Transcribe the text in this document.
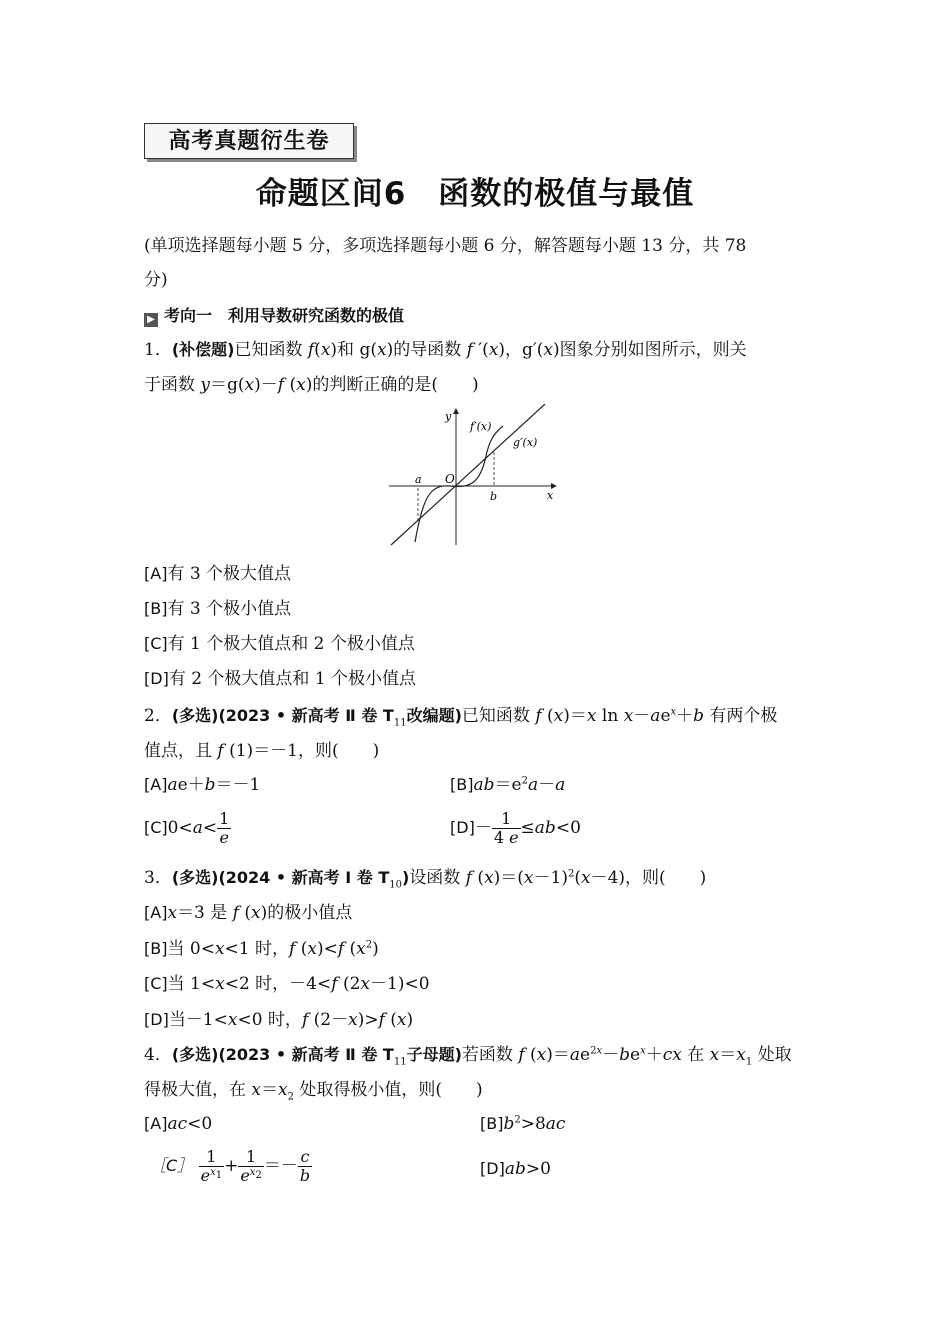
高考真题衍生卷
命题区间6　函数的极值与最值
(单项选择题每小题 5 分，多项选择题每小题 6 分，解答题每小题 13 分，共 78
分)
▶ 考向一　利用导数研究函数的极值
1．(补偿题)已知函数 f(x)和 g(x)的导函数 f ′(x)，g′(x)图象分别如图所示，则关
于函数 y＝g(x)－f (x)的判断正确的是(　　)
y
x
O
a
b
f′(x)
g′(x)
[A]有 3 个极大值点
[B]有 3 个极小值点
[C]有 1 个极大值点和 2 个极小值点
[D]有 2 个极大值点和 1 个极小值点
2．(多选)(2023 • 新高考 Ⅱ 卷 $T_{11}$改编题)已知函数 f (x)＝x $\ln x-ae^x+b$ 有两个极
值点，且 f (1)＝－1，则(　　)
[A]ae＋b＝－1	$[B]ab=e^2a-a$
$[C]0<a< \frac{1}{e}$	$[D]- \frac{1}{4 e} \le ab<0$
3．(多选)(2024 • 新高考 Ⅰ 卷 $T_{10}$)设函数 f $(x)=(x-1)^2(x-4)$，则(　　)
[A]x＝3 是 f (x)的极小值点
[B]当 0<x<1 时，f (x)<f $(x^2)$
[C]当 1<x<2 时，－4<f (2x－1)<0
[D]当－1<x<0 时，f (2－x)>f (x)
4．(多选)(2023 • 新高考 Ⅱ 卷 $T_{11}$子母题)若函数 f $(x)=ae^{2x}-be^x+cx$ 在 $x=x_1$ 处取
得极大值，在 $x=x_2$ 处取得极小值，则(　　)
[A]ac<0	$[B]b^2>8ac$
［C］ $\frac{1}{e^{x_1}} + \frac{1}{e^{x_2}} =- \frac{c}{b}$	[D]ab>0
